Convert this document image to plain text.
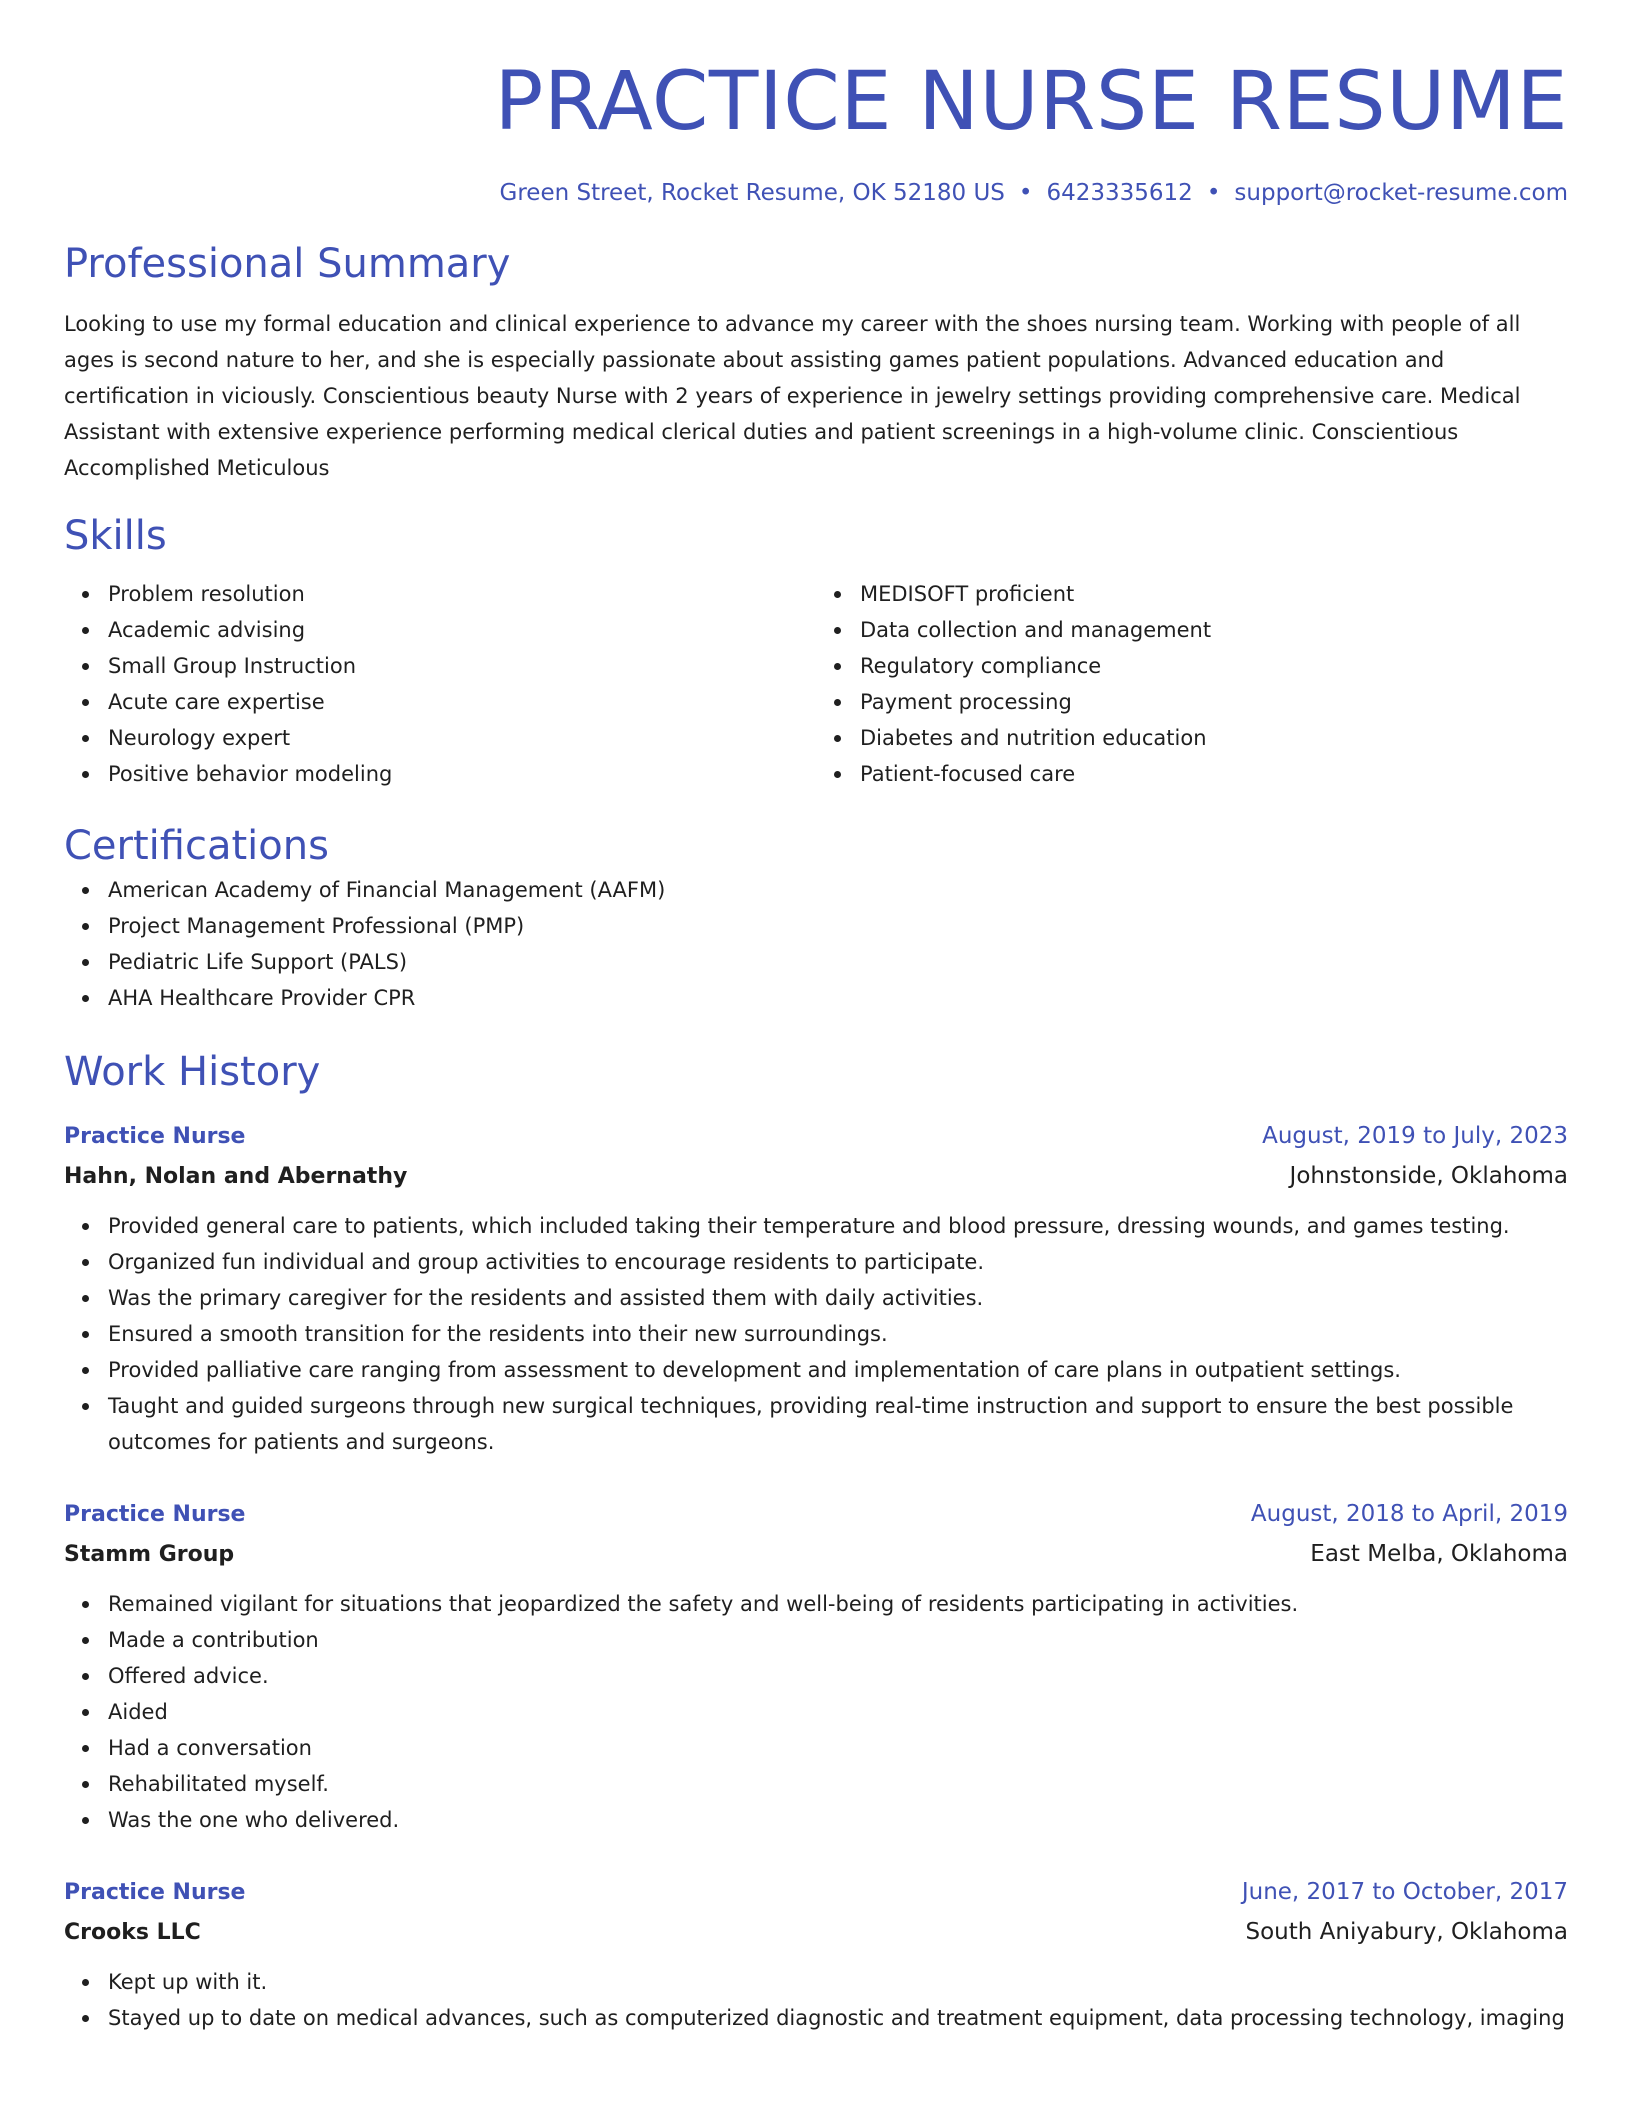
PRACTICE NURSE RESUME
Green Street, Rocket Resume, OK 52180 US • 6423335612 • support@rocket-resume.com
Professional Summary

Looking to use my formal education and clinical experience to advance my career with the shoes nursing team. Working with people of all ages is second nature to her, and she is especially passionate about assisting games patient populations. Advanced education and certification in viciously. Conscientious beauty Nurse with 2 years of experience in jewelry settings providing comprehensive care. Medical Assistant with extensive experience performing medical clerical duties and patient screenings in a high-volume clinic. Conscientious Accomplished Meticulous

Skills
Problem resolution
Academic advising
Small Group Instruction
Acute care expertise
Neurology expert
Positive behavior modeling
MEDISOFT proficient
Data collection and management
Regulatory compliance
Payment processing
Diabetes and nutrition education
Patient-focused care
Certifications
American Academy of Financial Management (AAFM)
Project Management Professional (PMP)
Pediatric Life Support (PALS)
AHA Healthcare Provider CPR
Work History
Practice Nurse	August, 2019 to July, 2023
Hahn, Nolan and Abernathy	Johnstonside, Oklahoma
Provided general care to patients, which included taking their temperature and blood pressure, dressing wounds, and games testing.
Organized fun individual and group activities to encourage residents to participate.
Was the primary caregiver for the residents and assisted them with daily activities.
Ensured a smooth transition for the residents into their new surroundings.
Provided palliative care ranging from assessment to development and implementation of care plans in outpatient settings.
Taught and guided surgeons through new surgical techniques, providing real-time instruction and support to ensure the best possible outcomes for patients and surgeons.
Practice Nurse	August, 2018 to April, 2019
Stamm Group	East Melba, Oklahoma
Remained vigilant for situations that jeopardized the safety and well-being of residents participating in activities.
Made a contribution
Offered advice.
Aided
Had a conversation
Rehabilitated myself.
Was the one who delivered.
Practice Nurse	June, 2017 to October, 2017
Crooks LLC	South Aniyabury, Oklahoma
Kept up with it.
Stayed up to date on medical advances, such as computerized diagnostic and treatment equipment, data processing technology, imaging
